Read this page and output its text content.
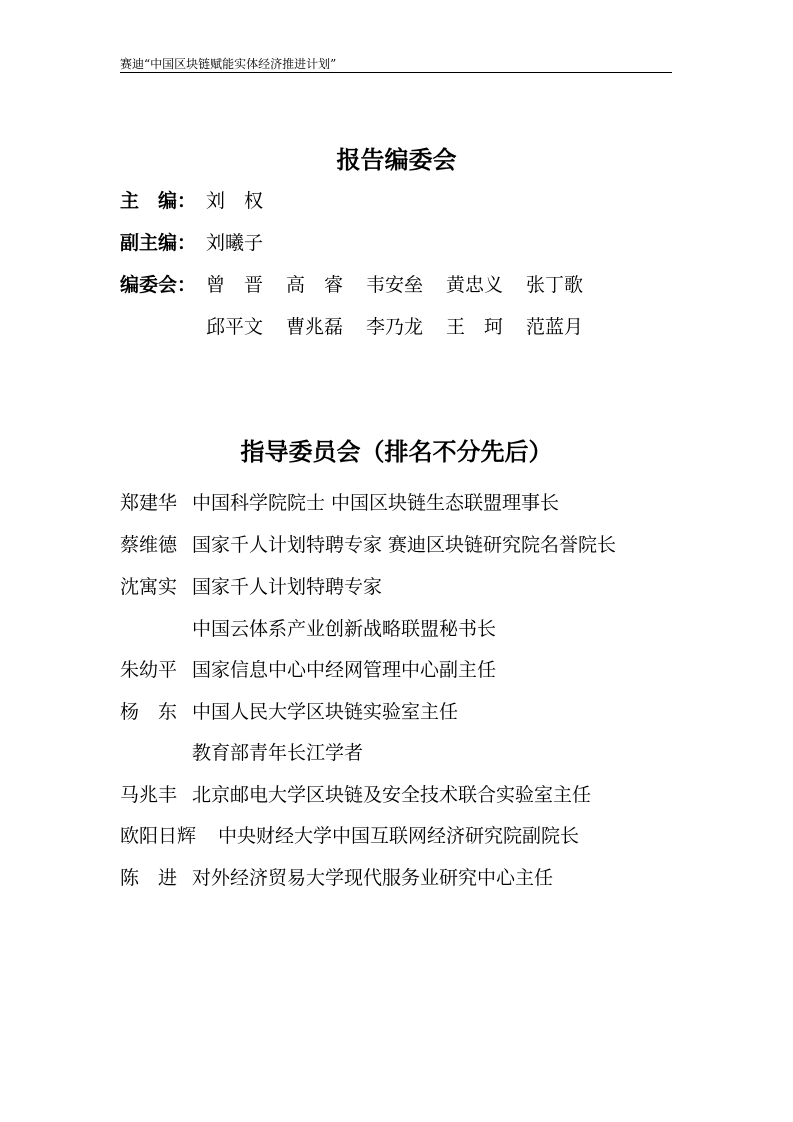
赛迪“中国区块链赋能实体经济推进计划”
报告编委会
主　编： 刘　权
副主编： 刘曦子
编委会： 曾　晋 高　睿 韦安垒 黄忠义 张丁歌
邱平文 曹兆磊 李乃龙 王　珂 范蓝月
指导委员会（排名不分先后）
郑建华 中国科学院院士 中国区块链生态联盟理事长
蔡维德 国家千人计划特聘专家 赛迪区块链研究院名誉院长
沈寓实 国家千人计划特聘专家
中国云体系产业创新战略联盟秘书长
朱幼平 国家信息中心中经网管理中心副主任
杨　东 中国人民大学区块链实验室主任
教育部青年长江学者
马兆丰 北京邮电大学区块链及安全技术联合实验室主任
欧阳日辉 中央财经大学中国互联网经济研究院副院长
陈　进 对外经济贸易大学现代服务业研究中心主任
